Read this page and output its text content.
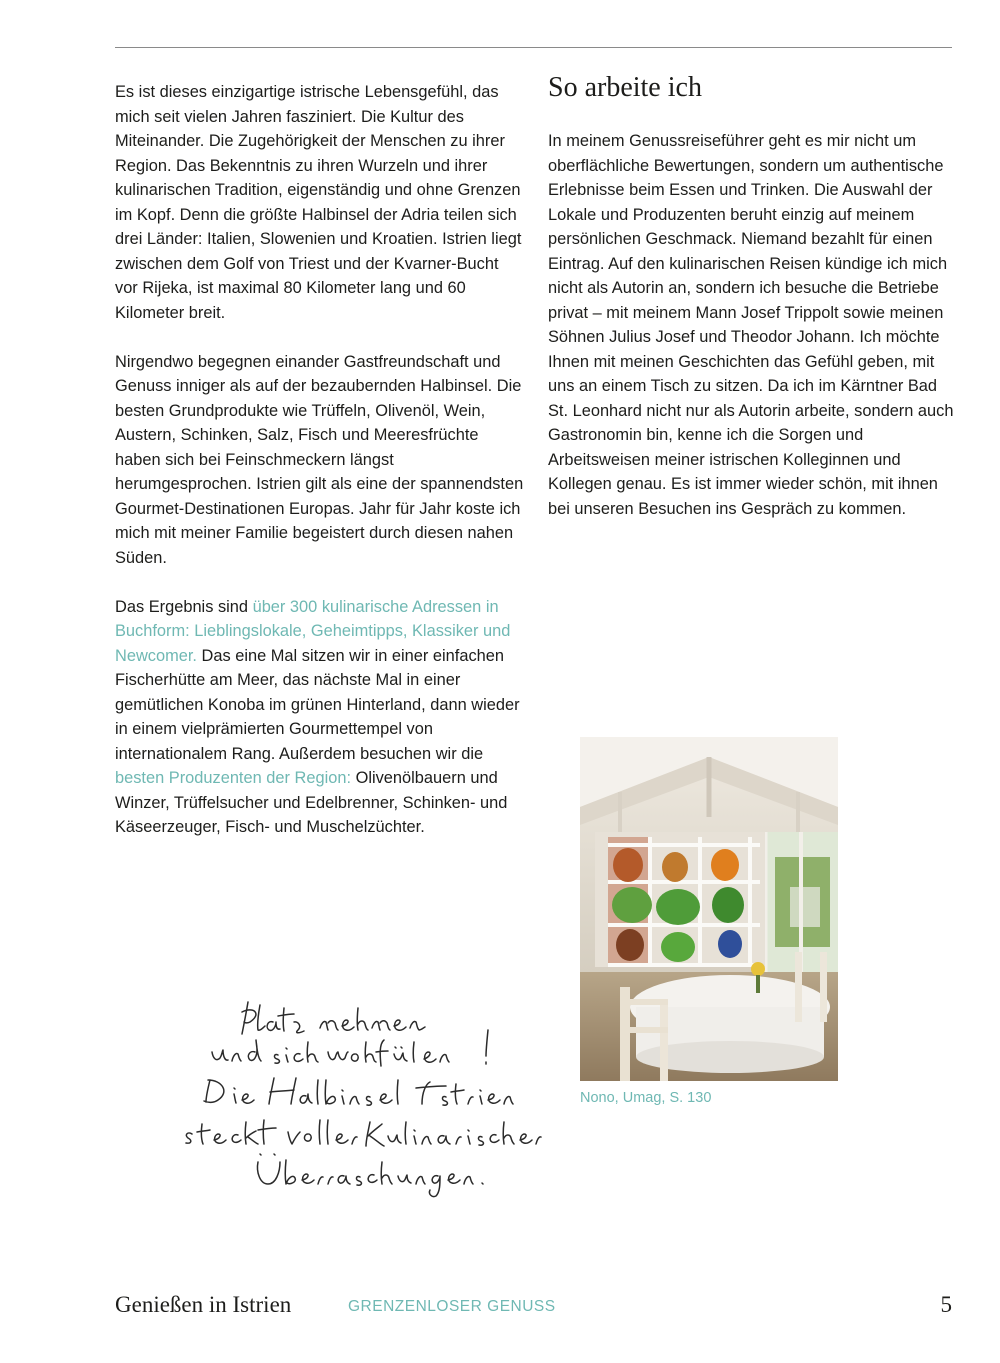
Es ist dieses einzigartige istrische Lebensgefühl, das mich seit vielen Jahren fasziniert. Die Kultur des Miteinander. Die Zugehörigkeit der Menschen zu ihrer Region. Das Bekenntnis zu ihren Wurzeln und ihrer kulinarischen Tradition, eigenständig und ohne Grenzen im Kopf. Denn die größte Halbinsel der Adria teilen sich drei Länder: Italien, Slowenien und Kroatien. Istrien liegt zwischen dem Golf von Triest und der Kvarner-Bucht vor Rijeka, ist maximal 80 Kilometer lang und 60 Kilometer breit.

Nirgendwo begegnen einander Gastfreundschaft und Genuss inniger als auf der bezaubernden Halbinsel. Die besten Grundprodukte wie Trüffeln, Olivenöl, Wein, Austern, Schinken, Salz, Fisch und Meeresfrüchte haben sich bei Feinschmeckern längst herumgesprochen. Istrien gilt als eine der spannendsten Gourmet-Destinationen Europas. Jahr für Jahr koste ich mich mit meiner Familie begeistert durch diesen nahen Süden.

Das Ergebnis sind über 300 kulinarische Adressen in Buchform: Lieblingslokale, Geheimtipps, Klassiker und Newcomer. Das eine Mal sitzen wir in einer einfachen Fischerhütte am Meer, das nächste Mal in einer gemütlichen Konoba im grünen Hinterland, dann wieder in einem vielprämierten Gourmettempel von internationalem Rang. Außerdem besuchen wir die besten Produzenten der Region: Olivenölbauern und Winzer, Trüffelsucher und Edelbrenner, Schinken- und Käseerzeuger, Fisch- und Muschelzüchter.

So arbeite ich

In meinem Genussreiseführer geht es mir nicht um oberflächliche Bewertungen, sondern um authentische Erlebnisse beim Essen und Trinken. Die Auswahl der Lokale und Produzenten beruht einzig auf meinem persönlichen Geschmack. Niemand bezahlt für einen Eintrag. Auf den kulinarischen Reisen kündige ich mich nicht als Autorin an, sondern ich besuche die Betriebe privat – mit meinem Mann Josef Trippolt sowie meinen Söhnen Julius Josef und Theodor Johann. Ich möchte Ihnen mit meinen Geschichten das Gefühl geben, mit uns an einem Tisch zu sitzen. Da ich im Kärntner Bad St. Leonhard nicht nur als Autorin arbeite, sondern auch Gastronomin bin, kenne ich die Sorgen und Arbeitsweisen meiner istrischen Kolleginnen und Kollegen genau. Es ist immer wieder schön, mit ihnen bei unseren Besuchen ins Gespräch zu kommen.

Nono, Umag, S. 130
Genießen in Istrien	GRENZENLOSER GENUSS	5
